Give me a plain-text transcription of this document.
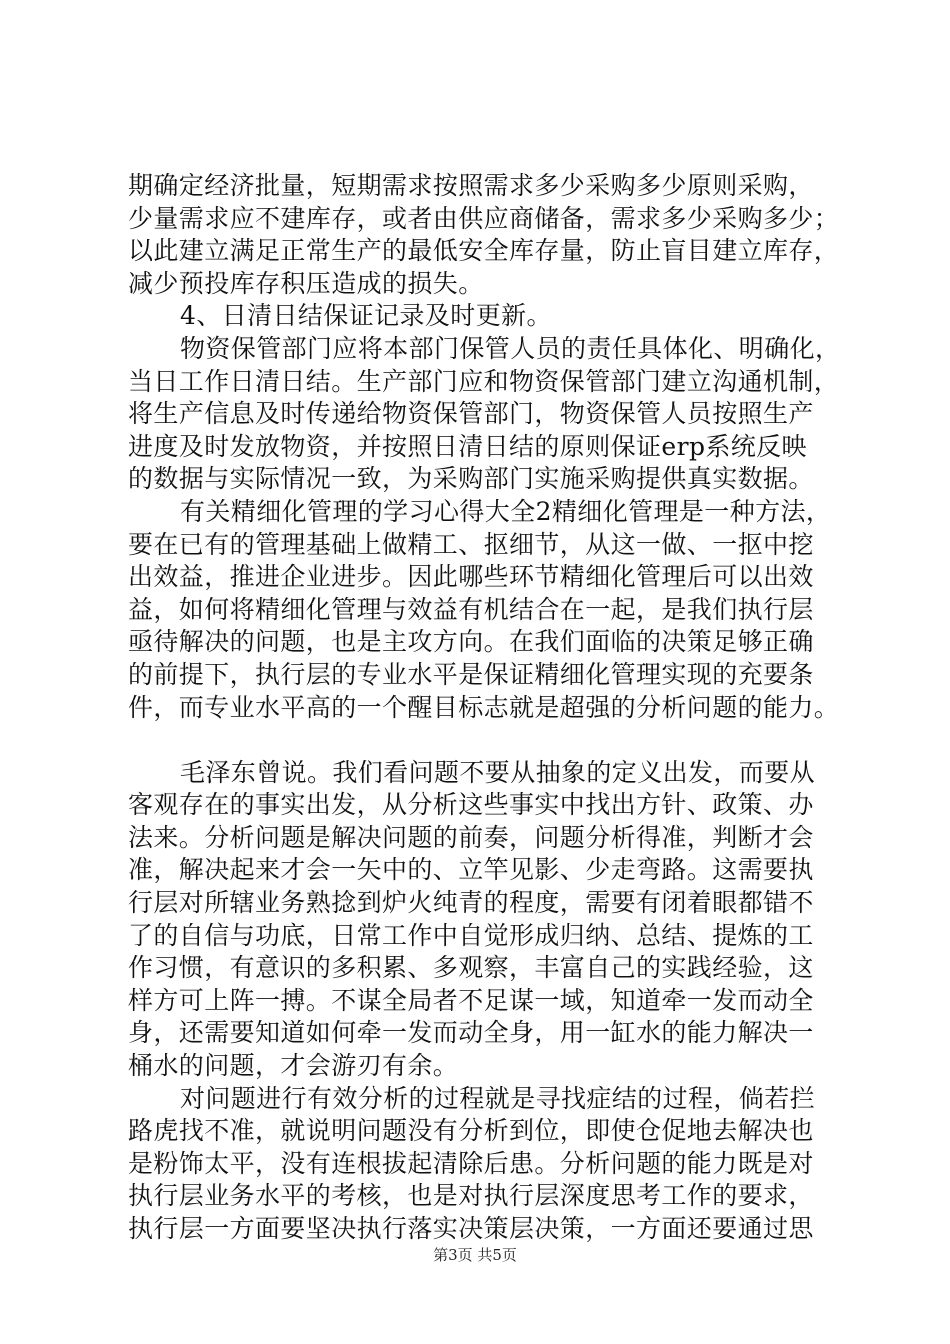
期确定经济批量，短期需求按照需求多少采购多少原则采购，
少量需求应不建库存，或者由供应商储备，需求多少采购多少；
以此建立满足正常生产的最低安全库存量，防止盲目建立库存，
减少预投库存积压造成的损失。
4、日清日结保证记录及时更新。
物资保管部门应将本部门保管人员的责任具体化、明确化，
当日工作日清日结。生产部门应和物资保管部门建立沟通机制，
将生产信息及时传递给物资保管部门，物资保管人员按照生产
进度及时发放物资，并按照日清日结的原则保证erp系统反映
的数据与实际情况一致，为采购部门实施采购提供真实数据。
有关精细化管理的学习心得大全2精细化管理是一种方法，
要在已有的管理基础上做精工、抠细节，从这一做、一抠中挖
出效益，推进企业进步。因此哪些环节精细化管理后可以出效
益，如何将精细化管理与效益有机结合在一起，是我们执行层
亟待解决的问题，也是主攻方向。在我们面临的决策足够正确
的前提下，执行层的专业水平是保证精细化管理实现的充要条
件，而专业水平高的一个醒目标志就是超强的分析问题的能力。
毛泽东曾说。我们看问题不要从抽象的定义出发，而要从
客观存在的事实出发，从分析这些事实中找出方针、政策、办
法来。分析问题是解决问题的前奏，问题分析得准，判断才会
准，解决起来才会一矢中的、立竿见影、少走弯路。这需要执
行层对所辖业务熟捻到炉火纯青的程度，需要有闭着眼都错不
了的自信与功底，日常工作中自觉形成归纳、总结、提炼的工
作习惯，有意识的多积累、多观察，丰富自己的实践经验，这
样方可上阵一搏。不谋全局者不足谋一域，知道牵一发而动全
身，还需要知道如何牵一发而动全身，用一缸水的能力解决一
桶水的问题，才会游刃有余。
对问题进行有效分析的过程就是寻找症结的过程，倘若拦
路虎找不准，就说明问题没有分析到位，即使仓促地去解决也
是粉饰太平，没有连根拔起清除后患。分析问题的能力既是对
执行层业务水平的考核，也是对执行层深度思考工作的要求，
执行层一方面要坚决执行落实决策层决策，一方面还要通过思
第3页 共5页
